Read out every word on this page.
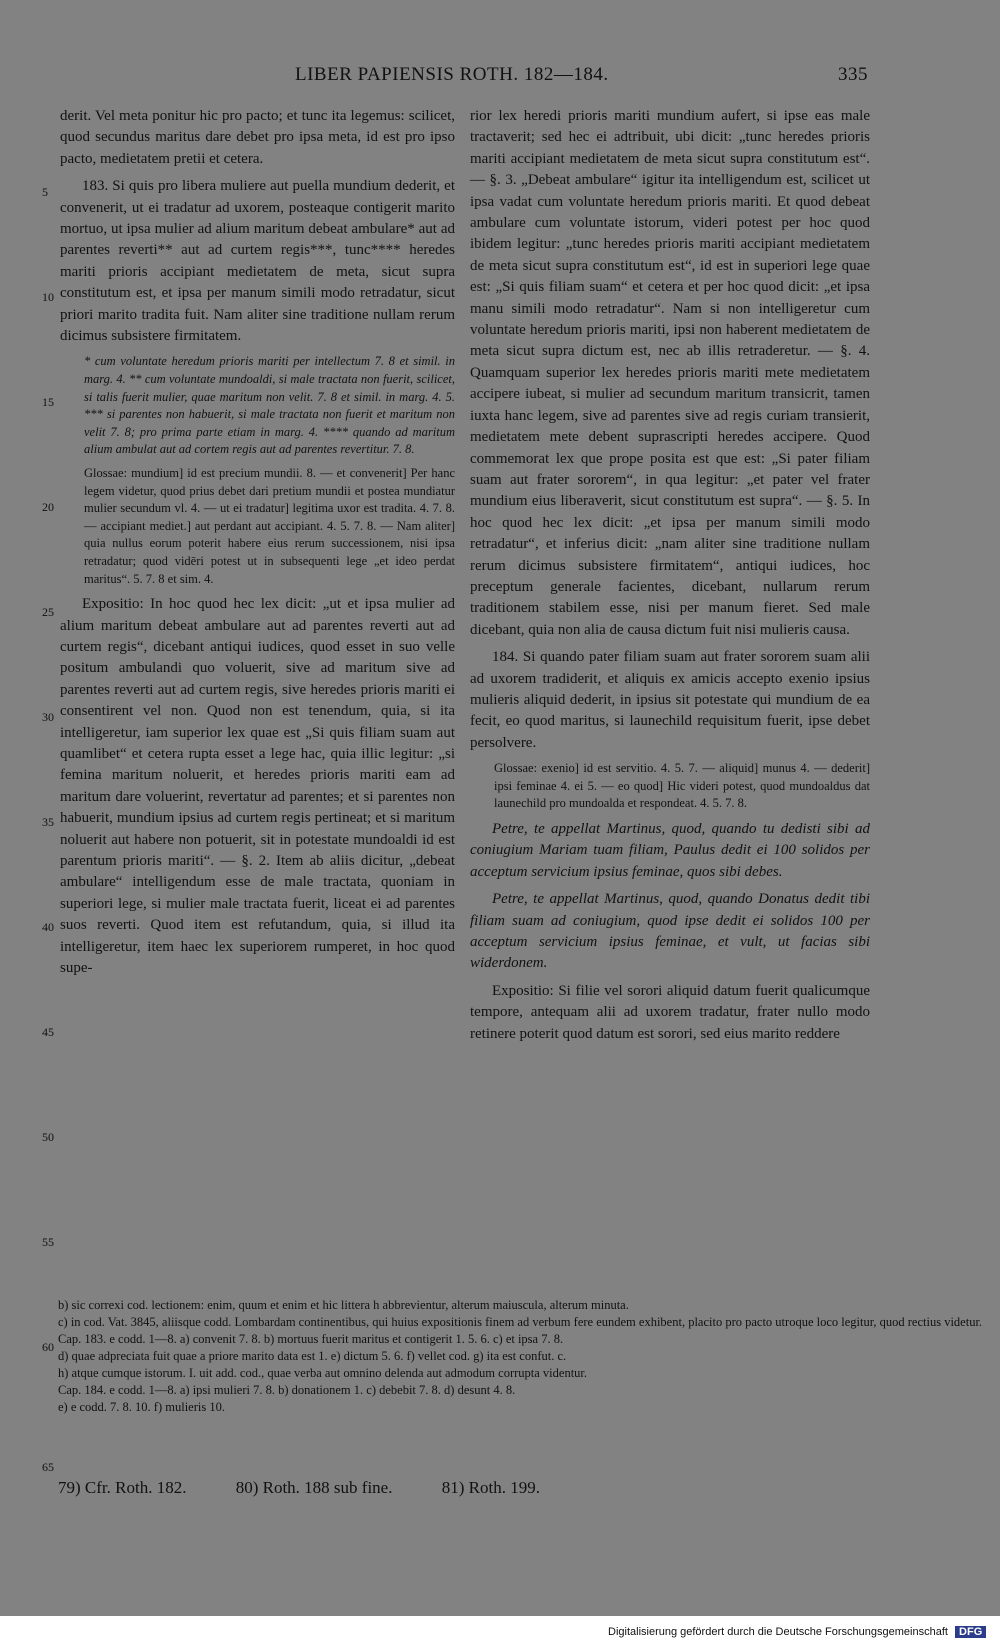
LIBER PAPIENSIS ROTH. 182—184.	335
5
10
15
20
25
30
35
40
45
50
55
60
65

derit. Vel meta ponitur hic pro pacto; et tunc ita legemus: scilicet, quod secundus maritus dare debet pro ipsa meta, id est pro ipso pacto, medietatem pretii et cetera.

183. Si quis pro libera muliere aut puella mundium dederit, et convenerit, ut ei tradatur ad uxorem, posteaque contigerit marito mortuo, ut ipsa mulier ad alium maritum debeat ambulare* aut ad parentes reverti** aut ad curtem regis***, tunc**** heredes mariti prioris accipiant medietatem de meta, sicut supra constitutum est, et ipsa per manum simili modo retradatur, sicut priori marito tradita fuit. Nam aliter sine traditione nullam rerum dicimus subsistere firmitatem.

* cum voluntate heredum prioris mariti per intellectum 7. 8 et simil. in marg. 4. ** cum voluntate mundoaldi, si male tractata non fuerit, scilicet, si talis fuerit mulier, quae maritum non velit. 7. 8 et simil. in marg. 4. 5. *** si parentes non habuerit, si male tractata non fuerit et maritum non velit 7. 8; pro prima parte etiam in marg. 4. **** quando ad maritum alium ambulat aut ad cortem regis aut ad parentes revertitur. 7. 8.

Glossae: mundium] id est precium mundii. 8. — et convenerit] Per hanc legem videtur, quod prius debet dari pretium mundii et postea mundiatur mulier secundum vl. 4. — ut ei tradatur] legitima uxor est tradita. 4. 7. 8. — accipiant mediet.] aut perdant aut accipiant. 4. 5. 7. 8. — Nam aliter] quia nullus eorum poterit habere eius rerum successionem, nisi ipsa retradatur; quod vidēri potest ut in subsequenti lege „et ideo perdat maritus“. 5. 7. 8 et sim. 4.

Expositio: In hoc quod hec lex dicit: „ut et ipsa mulier ad alium maritum debeat ambulare aut ad parentes reverti aut ad curtem regis“, dicebant antiqui iudices, quod esset in suo velle positum ambulandi quo voluerit, sive ad maritum sive ad parentes reverti aut ad curtem regis, sive heredes prioris mariti ei consentirent vel non. Quod non est tenendum, quia, si ita intelligeretur, iam superior lex quae est „Si quis filiam suam aut quamlibet“ et cetera rupta esset a lege hac, quia illic legitur: „si femina maritum noluerit, et heredes prioris mariti eam ad maritum dare voluerint, revertatur ad parentes; et si parentes non habuerit, mundium ipsius ad curtem regis pertineat; et si maritum noluerit aut habere non potuerit, sit in potestate mundoaldi id est parentum prioris mariti“. — §. 2. Item ab aliis dicitur, „debeat ambulare“ intelligendum esse de male tractata, quoniam in superiori lege, si mulier male tractata fuerit, liceat ei ad parentes suos reverti. Quod item est refutandum, quia, si illud ita intelligeretur, item haec lex superiorem rumperet, in hoc quod supe-

rior lex heredi prioris mariti mundium aufert, si ipse eas male tractaverit; sed hec ei adtribuit, ubi dicit: „tunc heredes prioris mariti accipiant medietatem de meta sicut supra constitutum est“. — §. 3. „Debeat ambulare“ igitur ita intelligendum est, scilicet ut ipsa vadat cum voluntate heredum prioris mariti. Et quod debeat ambulare cum voluntate istorum, videri potest per hoc quod ibidem legitur: „tunc heredes prioris mariti accipiant medietatem de meta sicut supra constitutum est“, id est in superiori lege quae est: „Si quis filiam suam“ et cetera et per hoc quod dicit: „et ipsa manu simili modo retradatur“. Nam si non intelligeretur cum voluntate heredum prioris mariti, ipsi non haberent medietatem de meta sicut supra dictum est, nec ab illis retraderetur. — §. 4. Quamquam superior lex heredes prioris mariti mete medietatem accipere iubeat, si mulier ad secundum maritum transicrit, tamen iuxta hanc legem, sive ad parentes sive ad regis curiam transierit, medietatem mete debent suprascripti heredes accipere. Quod commemorat lex que prope posita est que est: „Si pater filiam suam aut frater sororem“, in qua legitur: „et pater vel frater mundium eius liberaverit, sicut constitutum est supra“. — §. 5. In hoc quod hec lex dicit: „et ipsa per manum simili modo retradatur“, et inferius dicit: „nam aliter sine traditione nullam rerum dicimus subsistere firmitatem“, antiqui iudices, hoc preceptum generale facientes, dicebant, nullarum rerum traditionem stabilem esse, nisi per manum fieret. Sed male dicebant, quia non alia de causa dictum fuit nisi mulieris causa.

184. Si quando pater filiam suam aut frater sororem suam alii ad uxorem tradiderit, et aliquis ex amicis accepto exenio ipsius mulieris aliquid dederit, in ipsius sit potestate qui mundium de ea fecit, eo quod maritus, si launechild requisitum fuerit, ipse debet persolvere.

Glossae: exenio] id est servitio. 4. 5. 7. — aliquid] munus 4. — dederit] ipsi feminae 4. ei 5. — eo quod] Hic videri potest, quod mundoaldus dat launechild pro mundoalda et respondeat. 4. 5. 7. 8.

Petre, te appellat Martinus, quod, quando tu dedisti sibi ad coniugium Mariam tuam filiam, Paulus dedit ei 100 solidos per acceptum servicium ipsius feminae, quos sibi debes.

Petre, te appellat Martinus, quod, quando Donatus dedit tibi filiam suam ad coniugium, quod ipse dedit ei solidos 100 per acceptum servicium ipsius feminae, et vult, ut facias sibi widerdonem.

Expositio: Si filie vel sorori aliquid datum fuerit qualicumque tempore, antequam alii ad uxorem tradatur, frater nullo modo retinere poterit quod datum est sorori, sed eius marito reddere

b) sic correxi cod. lectionem: enim, quum et enim et hic littera h abbrevientur, alterum maiuscula, alterum minuta.
c) in cod. Vat. 3845, aliisque codd. Lombardam continentibus, qui huius expositionis finem ad verbum fere eundem exhibent, placito pro pacto utroque loco legitur, quod rectius videtur.
Cap. 183. e codd. 1—8. a) convenit 7. 8. b) mortuus fuerit maritus et contigerit 1. 5. 6. c) et ipsa 7. 8.
d) quae adpreciata fuit quae a priore marito data est 1. e) dictum 5. 6. f) vellet cod. g) ita est confut. c.
h) atque cumque istorum. I. uit add. cod., quae verba aut omnino delenda aut admodum corrupta videntur.
Cap. 184. e codd. 1—8. a) ipsi mulieri 7. 8. b) donationem 1. c) debebit 7. 8. d) desunt 4. 8.
e) e codd. 7. 8. 10. f) mulieris 10.
79) Cfr. Roth. 182.	80) Roth. 188 sub fine.	81) Roth. 199.
Digitalisierung gefördert durch die Deutsche Forschungsgemeinschaft DFG
